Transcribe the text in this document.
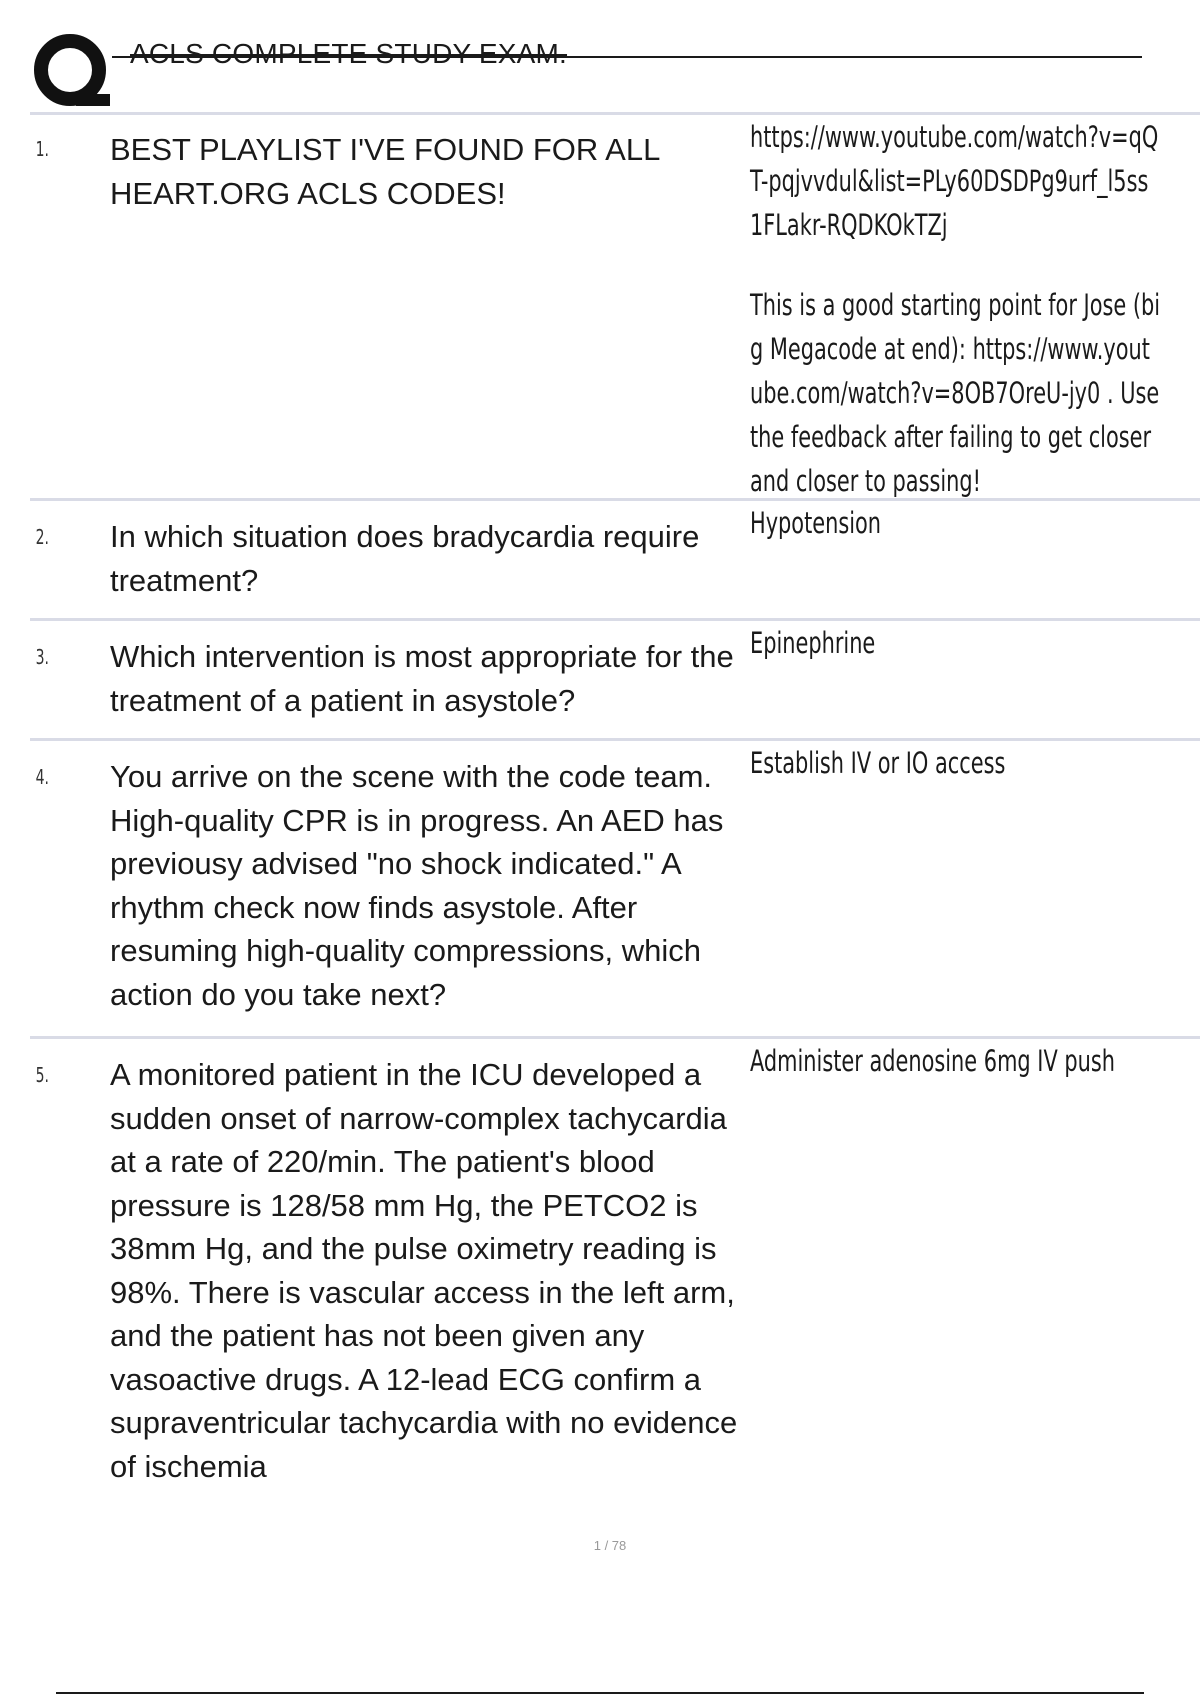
ACLS COMPLETE STUDY EXAM.
1.	BEST PLAYLIST I'VE FOUND FOR ALL HEART.ORG ACLS CODES!

https://www.youtube.com/watch?v=qQT-pqjvvdul&list=PLy60DSDPg9urf_l5ss1FLakr-RQDKOkTZj

This is a good starting point for Jose (big Megacode at end): https://www.youtube.com/watch?v=8OB7OreU-jy0 . Use the feedback after failing to get closer and closer to passing!

2.	In which situation does bradycardia require treatment?

Hypotension

3.	Which intervention is most appropriate for the treatment of a patient in asystole?

Epinephrine

4.	You arrive on the scene with the code team. High-quality CPR is in progress. An AED has previousy advised "no shock indicated." A rhythm check now finds asystole. After resuming high-quality compressions, which action do you take next?

Establish IV or IO access

5.	A monitored patient in the ICU developed a sudden onset of narrow-complex tachycardia at a rate of 220/min. The patient's blood pressure is 128/58 mm Hg, the PETCO2 is 38mm Hg, and the pulse oximetry reading is 98%. There is vascular access in the left arm, and the patient has not been given any vasoactive drugs. A 12-lead ECG confirm a supraventricular tachycardia with no evidence of ischemia

Administer adenosine 6mg IV push

1 / 78
